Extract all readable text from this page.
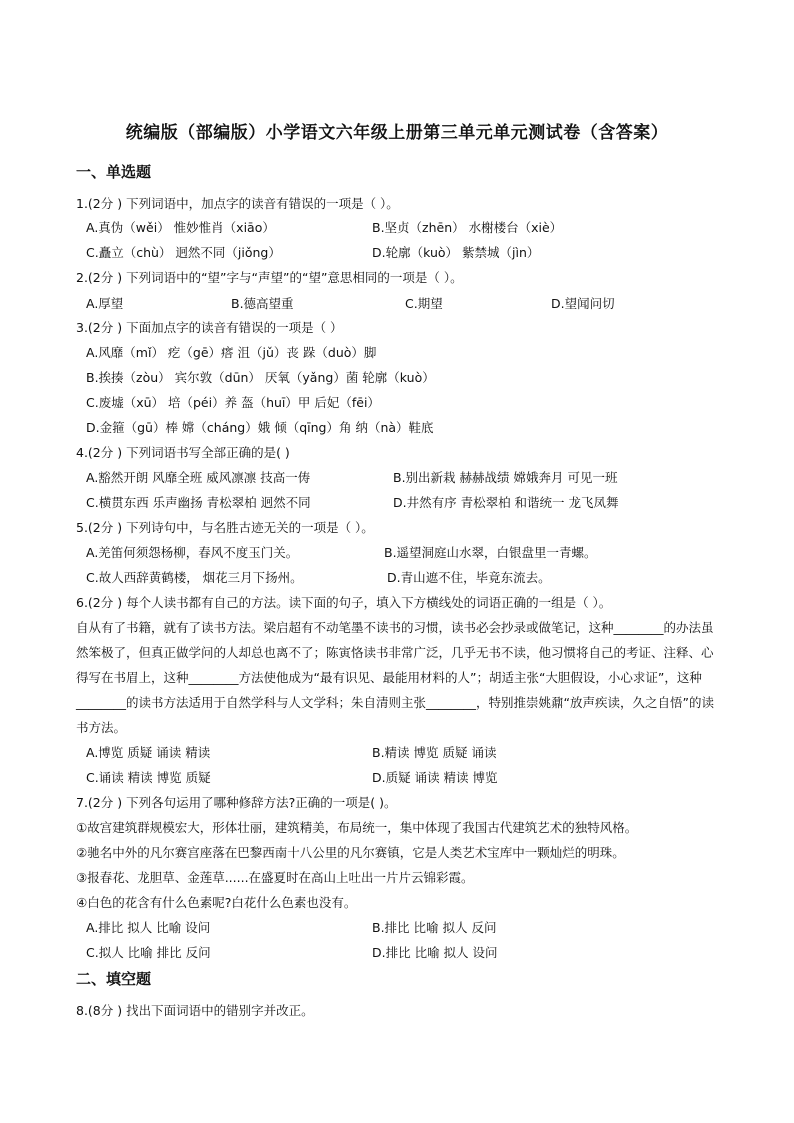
统编版（部编版）小学语文六年级上册第三单元单元测试卷（含答案）
一、单选题
1.(2分 ) 下列词语中，加点字的读音有错误的一项是（ ）。
A.真伪（wěi） 惟妙惟肖（xiāo）	B.坚贞（zhēn） 水榭楼台（xiè）
C.矗立（chù） 迥然不同（jiǒng）	D.轮廓（kuò） 紫禁城（jìn）
2.(2分 ) 下列词语中的“望”字与“声望”的“望”意思相同的一项是（ ）。
A.厚望	B.德高望重	C.期望	D.望闻问切
3.(2分 ) 下面加点字的读音有错误的一项是（ ）
A.风靡（mǐ） 疙（gē）瘩 沮（jǔ）丧 跺（duò）脚
B.挨揍（zòu） 宾尔敦（dūn） 厌氧（yǎng）菌 轮廓（kuò）
C.废墟（xū） 培（péi）养 盔（huī）甲 后妃（fēi）
D.金箍（gū）棒 嫦（cháng）娥 倾（qīng）角 纳（nà）鞋底
4.(2分 ) 下列词语书写全部正确的是( )
A.豁然开朗 风靡全班 威风凛凛 技高一俦	B.别出新栽 赫赫战绩 嫦娥奔月 可见一班
C.横贯东西 乐声幽扬 青松翠柏 迥然不同	D.井然有序 青松翠柏 和谐统一 龙飞凤舞
5.(2分 ) 下列诗句中，与名胜古迹无关的一项是（ ）。
A.羌笛何须怨杨柳，春风不度玉门关。	B.遥望洞庭山水翠，白银盘里一青螺。
C.故人西辞黄鹤楼， 烟花三月下扬州。	D.青山遮不住，毕竟东流去。
6.(2分 ) 每个人读书都有自己的方法。读下面的句子，填入下方横线处的词语正确的一组是（ ）。
自从有了书籍，就有了读书方法。梁启超有不动笔墨不读书的习惯，读书必会抄录或做笔记，这种________的办法虽然笨极了，但真正做学问的人却总也离不了；陈寅恪读书非常广泛，几乎无书不读，他习惯将自己的考证、注释、心得写在书眉上，这种________方法使他成为“最有识见、最能用材料的人”；胡适主张“大胆假设，小心求证”，这种________的读书方法适用于自然学科与人文学科；朱自清则主张________，特别推崇姚鼐“放声疾读，久之自悟”的读书方法。
A.博览 质疑 诵读 精读	B.精读 博览 质疑 诵读
C.诵读 精读 博览 质疑	D.质疑 诵读 精读 博览
7.(2分 ) 下列各句运用了哪种修辞方法?正确的一项是( )。
①故宫建筑群规模宏大，形体壮丽，建筑精美，布局统一，集中体现了我国古代建筑艺术的独特风格。
②驰名中外的凡尔赛宫座落在巴黎西南十八公里的凡尔赛镇，它是人类艺术宝库中一颗灿烂的明珠。
③报春花、龙胆草、金莲草......在盛夏时在高山上吐出一片片云锦彩霞。
④白色的花含有什么色素呢?白花什么色素也没有。
A.排比 拟人 比喻 设问	B.排比 比喻 拟人 反问
C.拟人 比喻 排比 反问	D.排比 比喻 拟人 设问
二、填空题
8.(8分 ) 找出下面词语中的错别字并改正。
